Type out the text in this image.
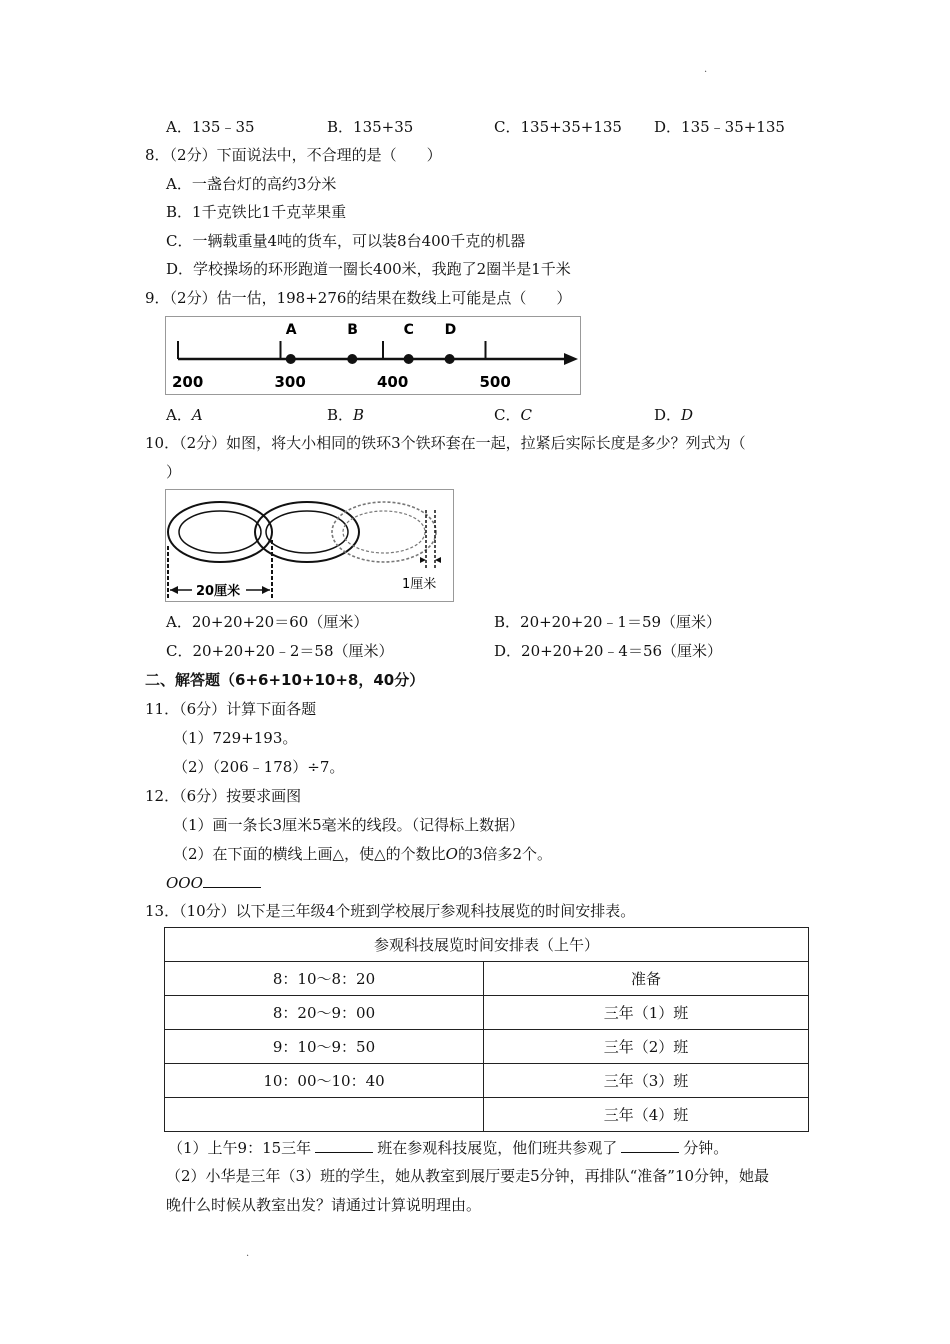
.
A．135﹣35	B．135+35	C．135+35+135 D．135﹣35+135
8．（2分）下面说法中，不合理的是（　　）
A．一盏台灯的高约3分米
B．1千克铁比1千克苹果重
C．一辆载重量4吨的货车，可以装8台400千克的机器
D．学校操场的环形跑道一圈长400米，我跑了2圈半是1千米
9．（2分）估一估，198+276的结果在数线上可能是点（　　）
200	300	400	500
A	B	C D
A．A	B．B	C．C	D．D
10．（2分）如图，将大小相同的铁环3个铁环套在一起，拉紧后实际长度是多少？列式为（
）
20厘米	1厘米
A．20+20+20＝60（厘米）	B．20+20+20﹣1＝59（厘米）
C．20+20+20﹣2＝58（厘米）	D．20+20+20﹣4＝56（厘米）
二、解答题（6+6+10+10+8，40分）
11．（6分）计算下面各题
（1）729+193。
（2）（206﹣178）÷7。
12．（6分）按要求画图
（1）画一条长3厘米5毫米的线段。（记得标上数据）
（2）在下面的横线上画△，使△的个数比O的3倍多2个。
OOO
13．（10分）以下是三年级4个班到学校展厅参观科技展览的时间安排表。
参观科技展览时间安排表（上午）	
8：10～8：20	准备
8：20～9：00	三年（1）班
9：10～9：50	三年（2）班
10：00～10：40	三年（3）班
	三年（4）班
（1）上午9：15三年	班在参观科技展览，他们班共参观了	分钟。
（2）小华是三年（3）班的学生，她从教室到展厅要走5分钟，再排队“准备”10分钟，她最
晚什么时候从教室出发？请通过计算说明理由。
.
